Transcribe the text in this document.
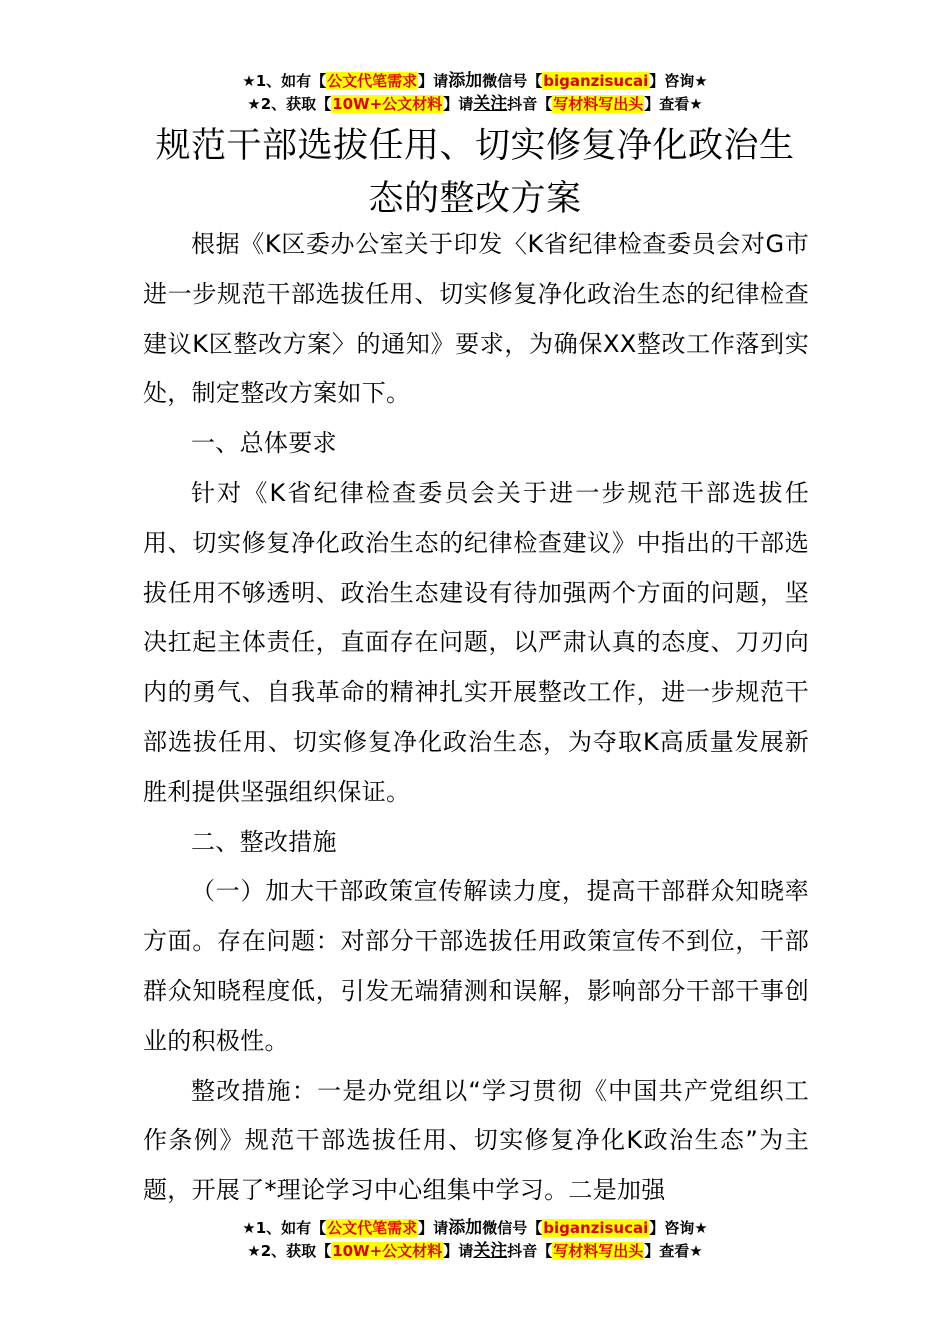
★1、如有【公文代笔需求】请添加微信号【biganzisucai】咨询★
★2、获取【10W+公文材料】请关注抖音【写材料写出头】查看★
规范干部选拔任用、切实修复净化政治生态的整改方案

根据《K区委办公室关于印发〈K省纪律检查委员会对G市进一步规范干部选拔任用、切实修复净化政治生态的纪律检查建议K区整改方案〉的通知》要求，为确保XX整改工作落到实处，制定整改方案如下。

一、总体要求

针对《K省纪律检查委员会关于进一步规范干部选拔任用、切实修复净化政治生态的纪律检查建议》中指出的干部选拔任用不够透明、政治生态建设有待加强两个方面的问题，坚决扛起主体责任，直面存在问题，以严肃认真的态度、刀刃向内的勇气、自我革命的精神扎实开展整改工作，进一步规范干部选拔任用、切实修复净化政治生态，为夺取K高质量发展新胜利提供坚强组织保证。

二、整改措施

（一）加大干部政策宣传解读力度，提高干部群众知晓率方面。存在问题：对部分干部选拔任用政策宣传不到位，干部群众知晓程度低，引发无端猜测和误解，影响部分干部干事创业的积极性。

整改措施：一是办党组以“学习贯彻《中国共产党组织工作条例》规范干部选拔任用、切实修复净化K政治生态”为主题，开展了*理论学习中心组集中学习。二是加强

★1、如有【公文代笔需求】请添加微信号【biganzisucai】咨询★
★2、获取【10W+公文材料】请关注抖音【写材料写出头】查看★
